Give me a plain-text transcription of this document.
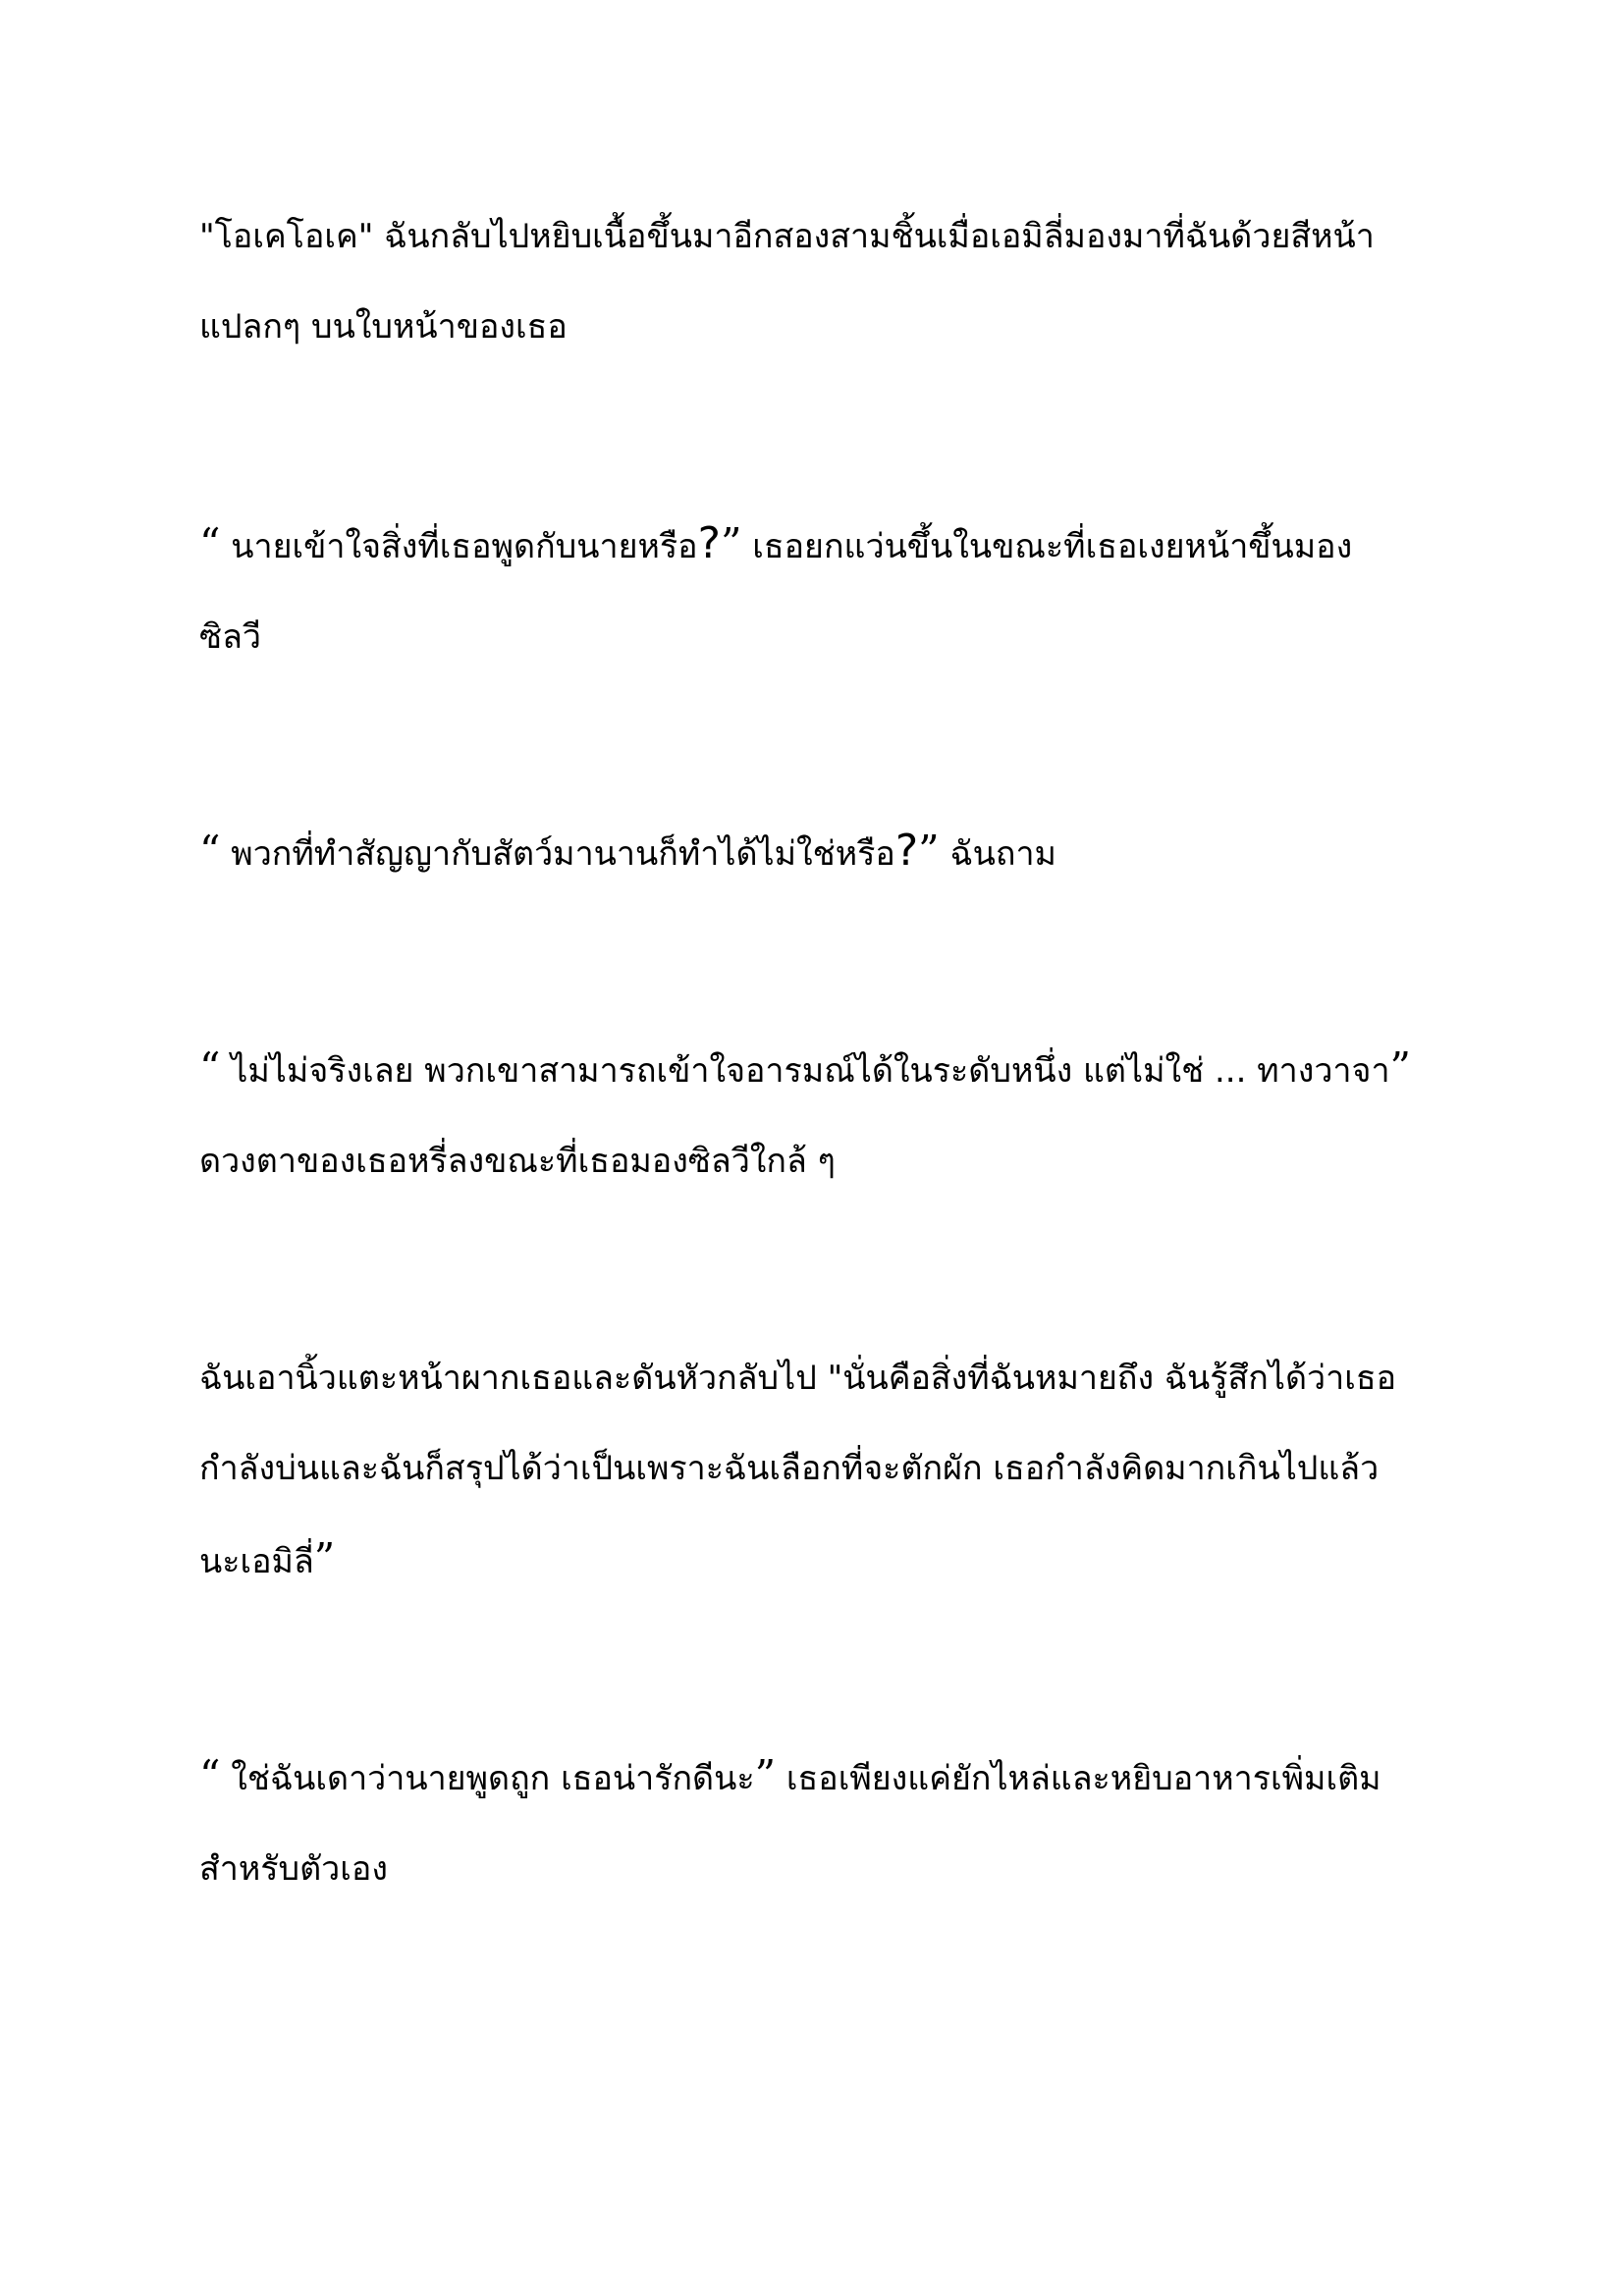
"โอเคโอเค" ฉันกลับไปหยิบเนื้อขึ้นมาอีกสองสามชิ้นเมื่อเอมิลี่มองมาที่ฉันด้วยสีหน้า
แปลกๆ บนใบหน้าของเธอ

“ นายเข้าใจสิ่งที่เธอพูดกับนายหรือ?” เธอยกแว่นขึ้นในขณะที่เธอเงยหน้าขึ้นมอง
ซิลวี

“ พวกที่ทำสัญญากับสัตว์มานานก็ทำได้ไม่ใช่หรือ?” ฉันถาม

“ ไม่ไม่จริงเลย พวกเขาสามารถเข้าใจอารมณ์ได้ในระดับหนึ่ง แต่ไม่ใช่ ... ทางวาจา”
ดวงตาของเธอหรี่ลงขณะที่เธอมองซิลวีใกล้ ๆ

ฉันเอานิ้วแตะหน้าผากเธอและดันหัวกลับไป "นั่นคือสิ่งที่ฉันหมายถึง ฉันรู้สึกได้ว่าเธอ
กำลังบ่นและฉันก็สรุปได้ว่าเป็นเพราะฉันเลือกที่จะตักผัก เธอกำลังคิดมากเกินไปแล้ว
นะเอมิลี่”

“ ใช่ฉันเดาว่านายพูดถูก เธอน่ารักดีนะ” เธอเพียงแค่ยักไหล่และหยิบอาหารเพิ่มเติม
สำหรับตัวเอง
